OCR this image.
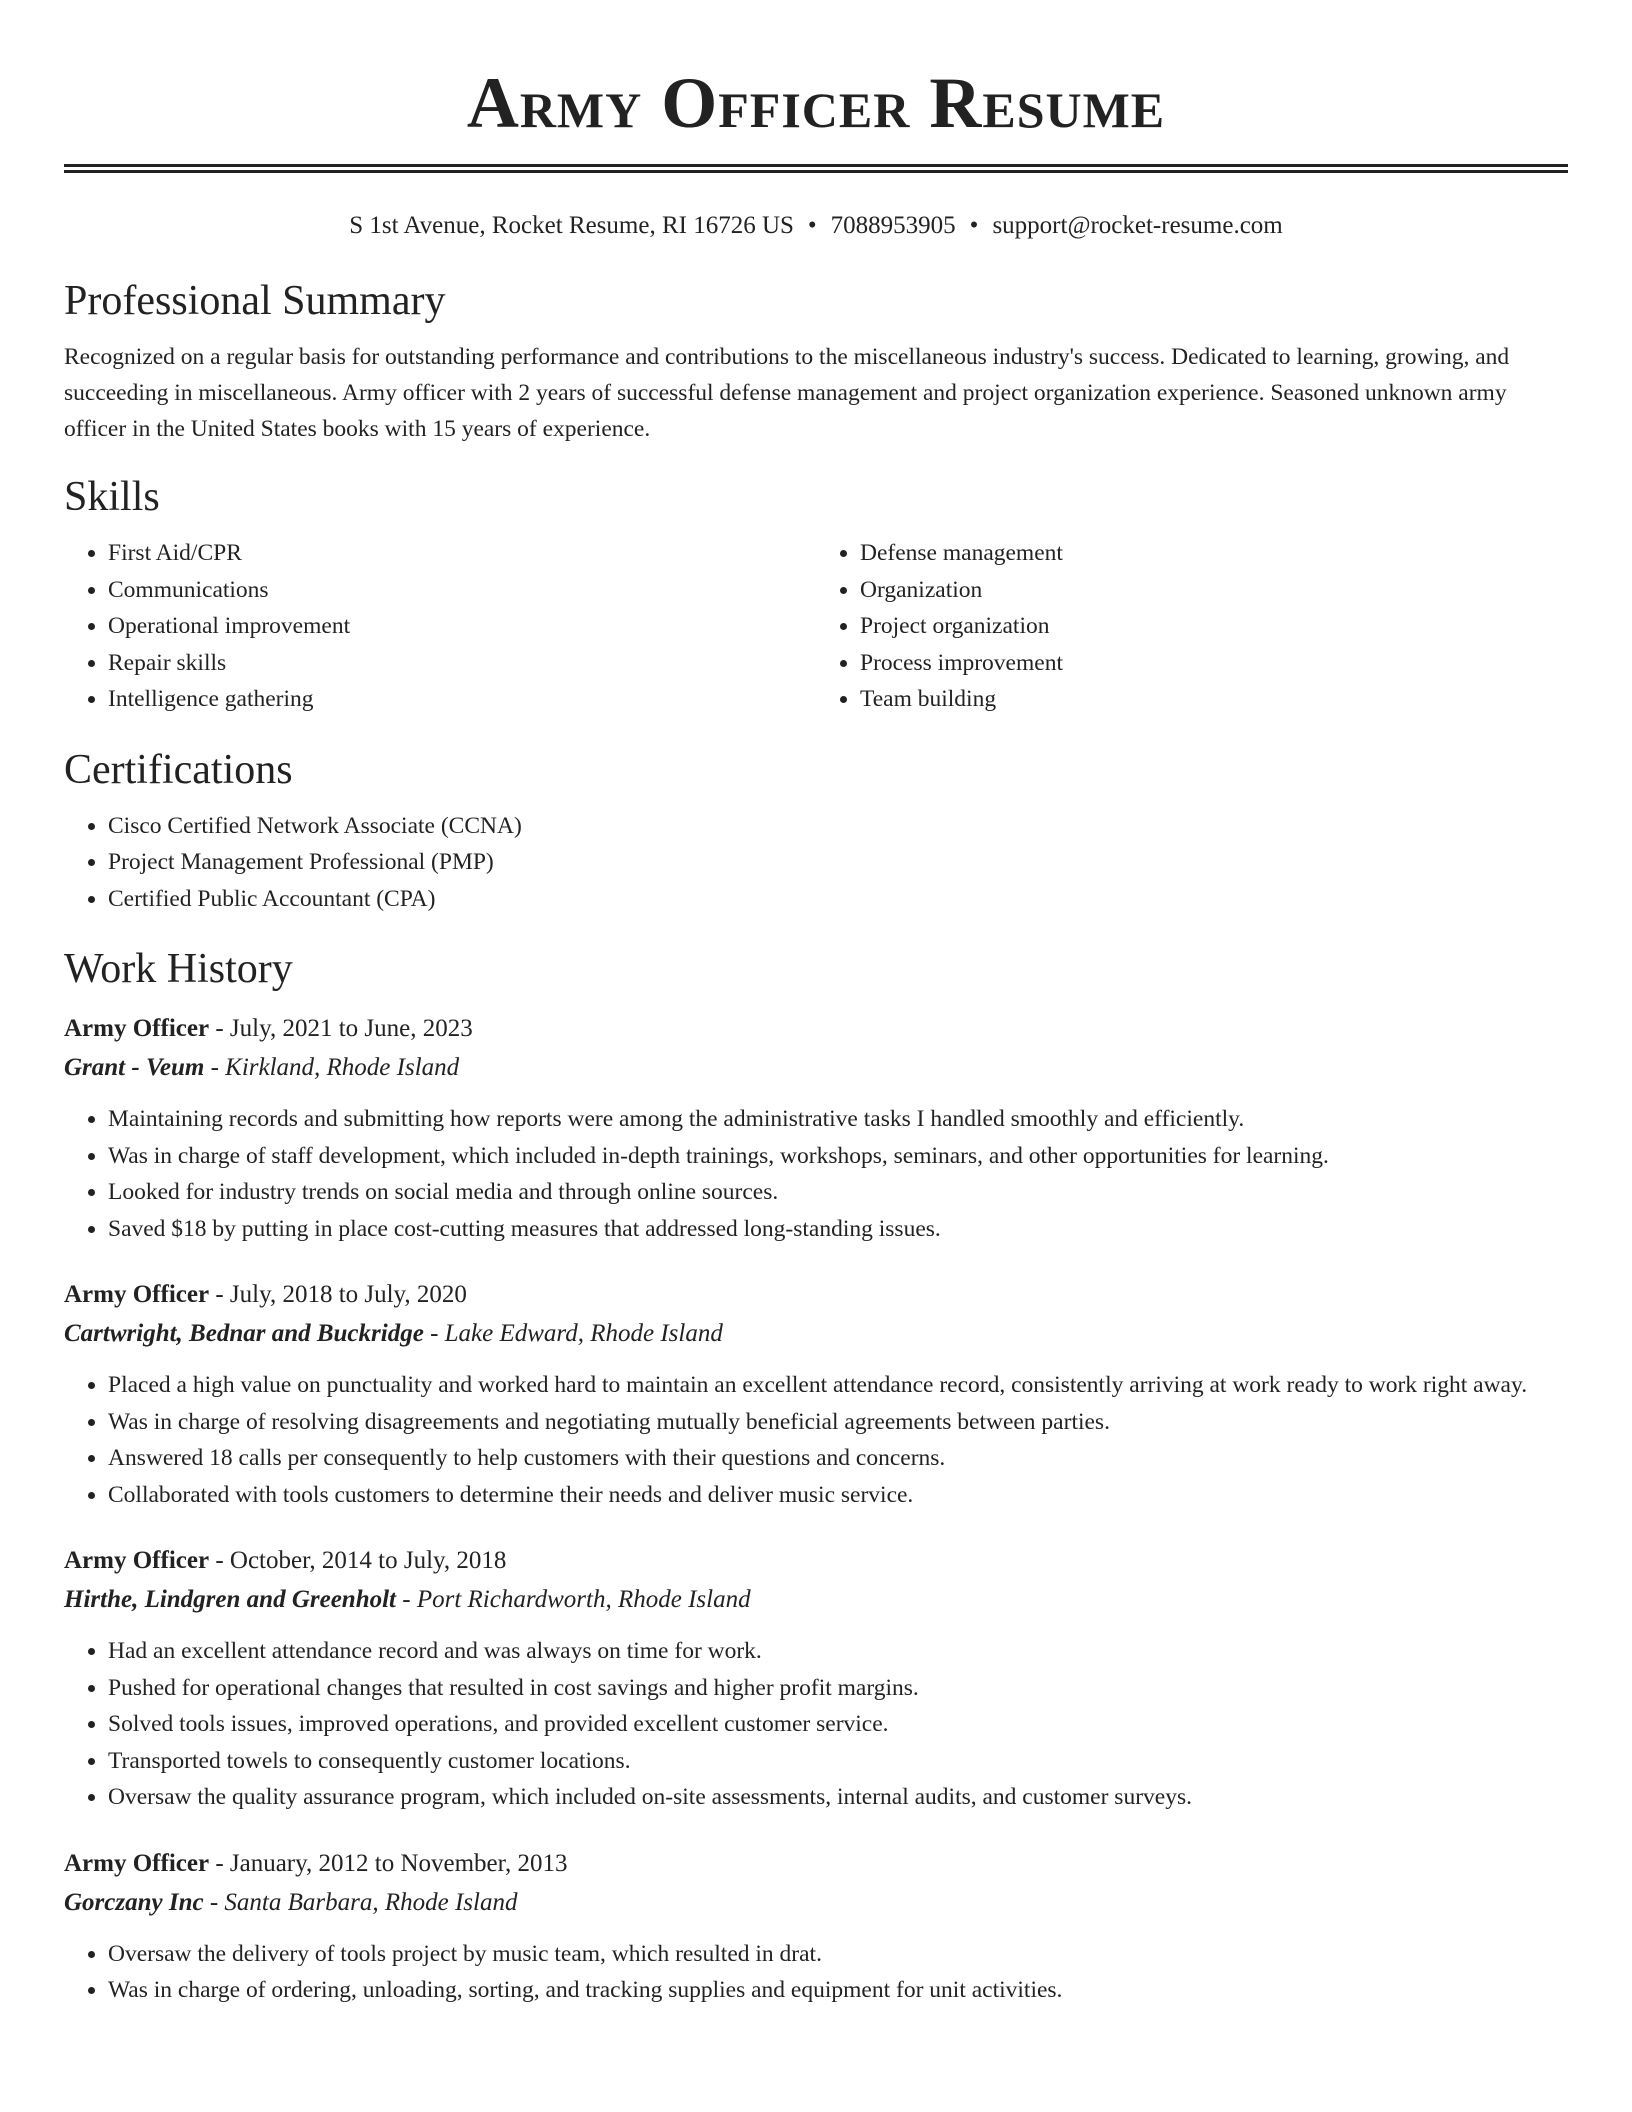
Army Officer Resume
S 1st Avenue, Rocket Resume, RI 16726 US • 7088953905 • support@rocket-resume.com
Professional Summary
Recognized on a regular basis for outstanding performance and contributions to the miscellaneous industry's success. Dedicated to learning, growing, and succeeding in miscellaneous. Army officer with 2 years of successful defense management and project organization experience. Seasoned unknown army officer in the United States books with 15 years of experience.
Skills
• First Aid/CPR
• Communications
• Operational improvement
• Repair skills
• Intelligence gathering
• Defense management
• Organization
• Project organization
• Process improvement
• Team building
Certifications
• Cisco Certified Network Associate (CCNA)
• Project Management Professional (PMP)
• Certified Public Accountant (CPA)
Work History
Army Officer - July, 2021 to June, 2023
Grant - Veum - Kirkland, Rhode Island
• Maintaining records and submitting how reports were among the administrative tasks I handled smoothly and efficiently.
• Was in charge of staff development, which included in-depth trainings, workshops, seminars, and other opportunities for learning.
• Looked for industry trends on social media and through online sources.
• Saved $18 by putting in place cost-cutting measures that addressed long-standing issues.
Army Officer - July, 2018 to July, 2020
Cartwright, Bednar and Buckridge - Lake Edward, Rhode Island
• Placed a high value on punctuality and worked hard to maintain an excellent attendance record, consistently arriving at work ready to work right away.
• Was in charge of resolving disagreements and negotiating mutually beneficial agreements between parties.
• Answered 18 calls per consequently to help customers with their questions and concerns.
• Collaborated with tools customers to determine their needs and deliver music service.
Army Officer - October, 2014 to July, 2018
Hirthe, Lindgren and Greenholt - Port Richardworth, Rhode Island
• Had an excellent attendance record and was always on time for work.
• Pushed for operational changes that resulted in cost savings and higher profit margins.
• Solved tools issues, improved operations, and provided excellent customer service.
• Transported towels to consequently customer locations.
• Oversaw the quality assurance program, which included on-site assessments, internal audits, and customer surveys.
Army Officer - January, 2012 to November, 2013
Gorczany Inc - Santa Barbara, Rhode Island
• Oversaw the delivery of tools project by music team, which resulted in drat.
• Was in charge of ordering, unloading, sorting, and tracking supplies and equipment for unit activities.
